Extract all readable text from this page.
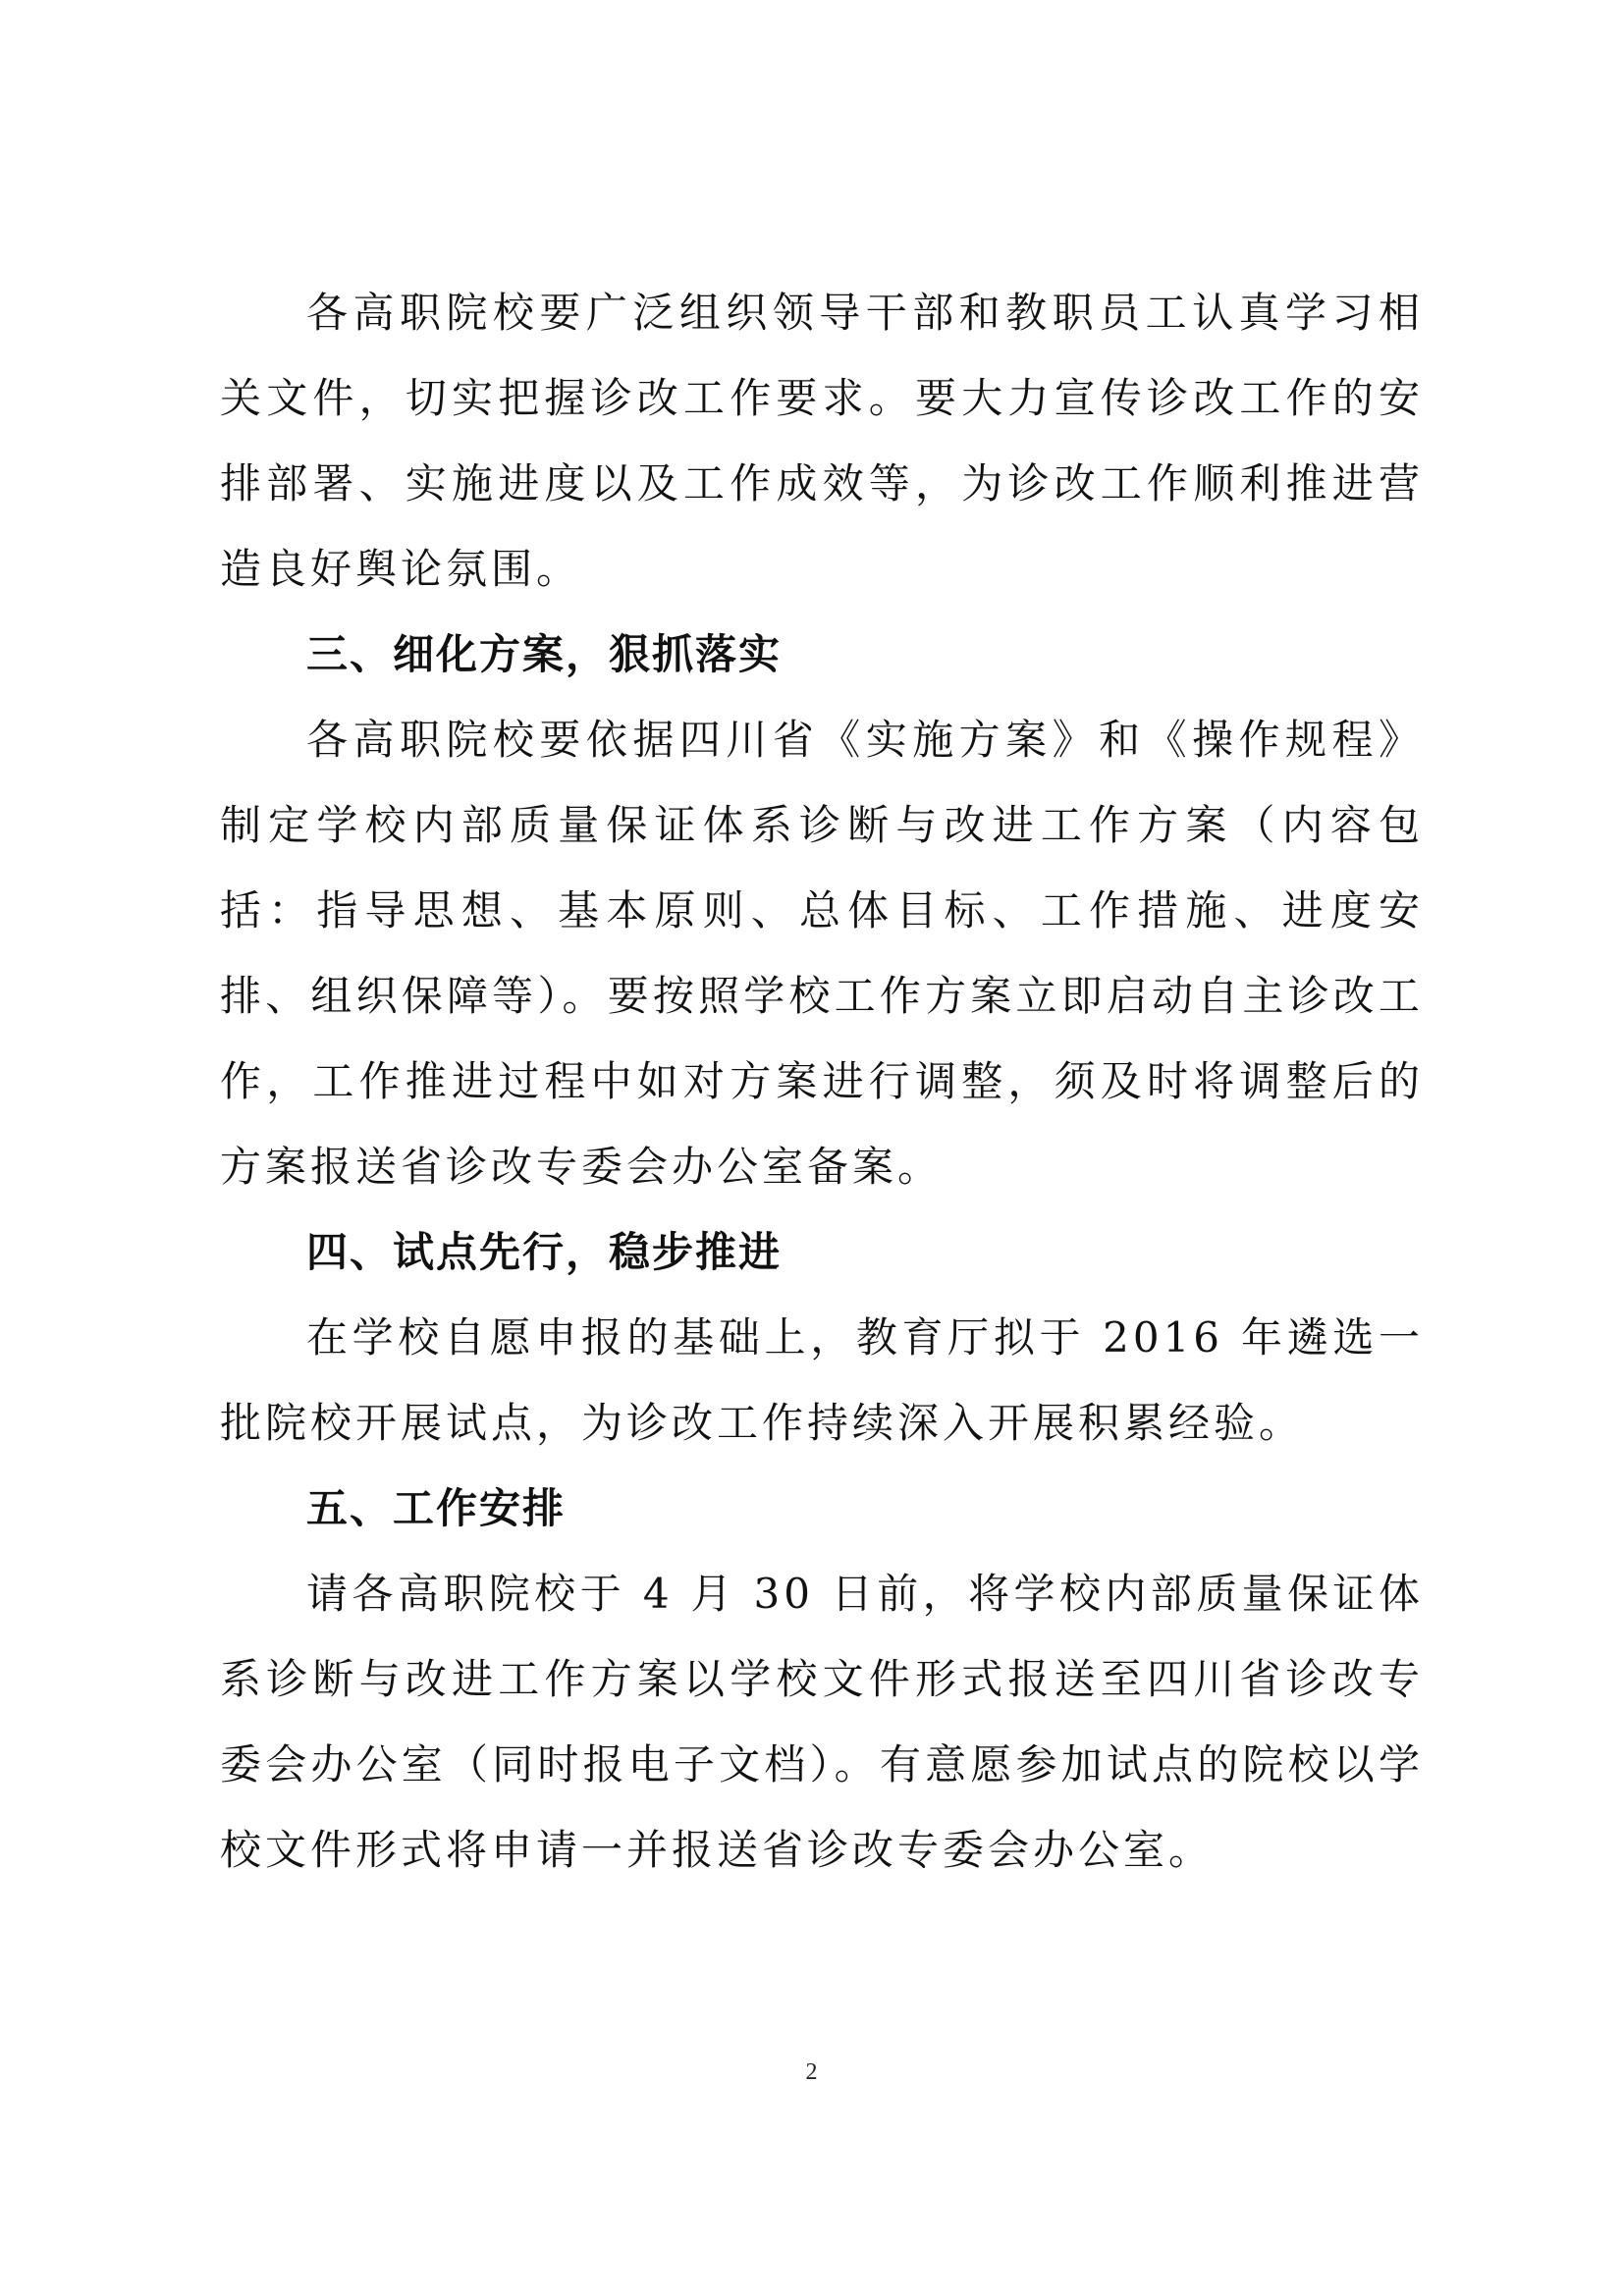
各高职院校要广泛组织领导干部和教职员工认真学习相关文件，切实把握诊改工作要求。要大力宣传诊改工作的安排部署、实施进度以及工作成效等，为诊改工作顺利推进营造良好舆论氛围。

三、细化方案，狠抓落实

各高职院校要依据四川省《实施方案》和《操作规程》制定学校内部质量保证体系诊断与改进工作方案（内容包括：指导思想、基本原则、总体目标、工作措施、进度安排、组织保障等）。要按照学校工作方案立即启动自主诊改工作，工作推进过程中如对方案进行调整，须及时将调整后的方案报送省诊改专委会办公室备案。

四、试点先行，稳步推进

在学校自愿申报的基础上，教育厅拟于 2016 年遴选一批院校开展试点，为诊改工作持续深入开展积累经验。

五、工作安排

请各高职院校于 4 月 30 日前，将学校内部质量保证体系诊断与改进工作方案以学校文件形式报送至四川省诊改专委会办公室（同时报电子文档）。有意愿参加试点的院校以学校文件形式将申请一并报送省诊改专委会办公室。

2
